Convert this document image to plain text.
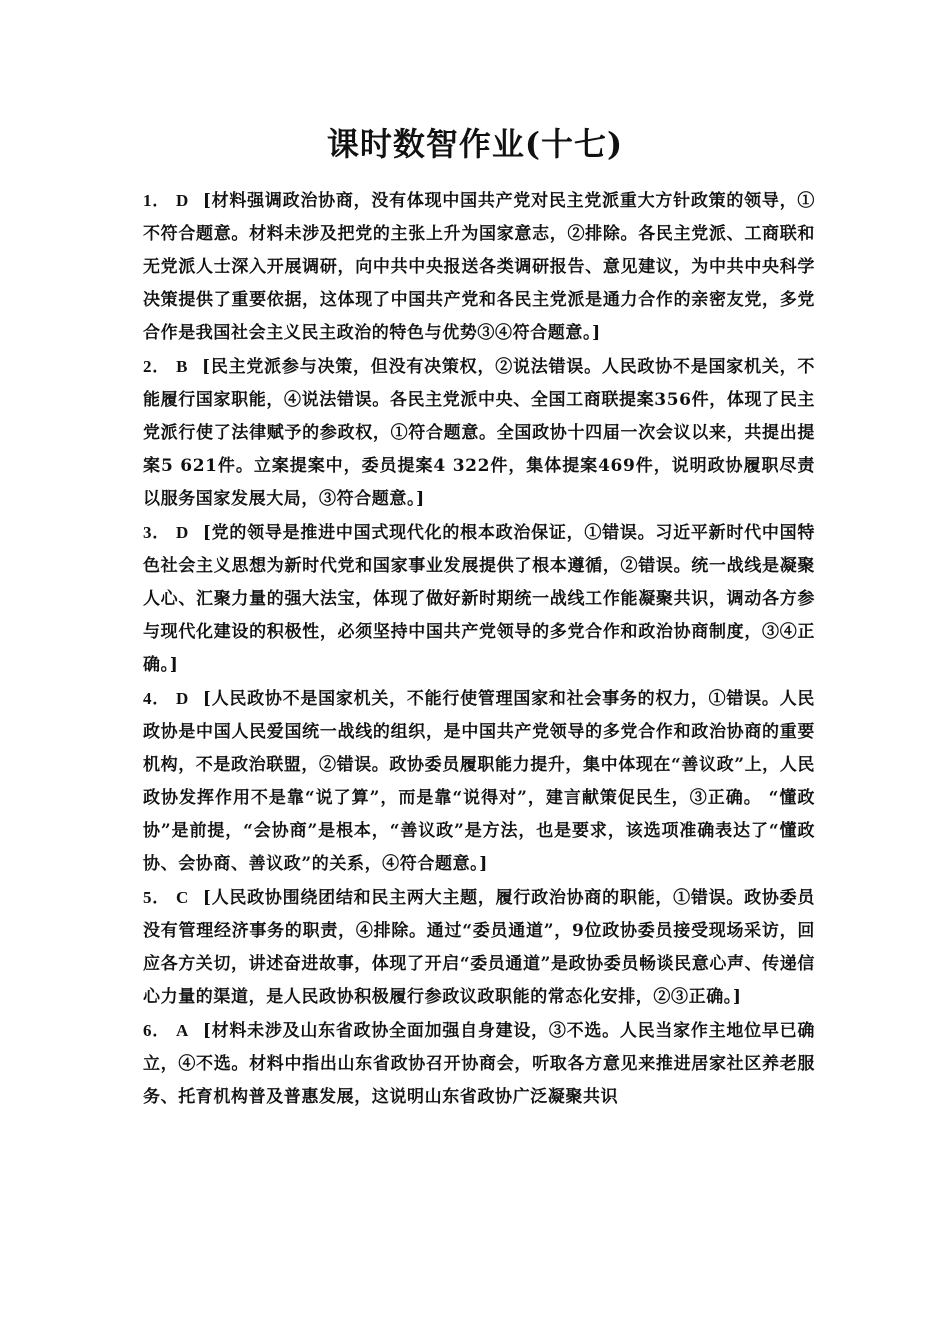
课时数智作业(十七)

1． D [材料强调政治协商，没有体现中国共产党对民主党派重大方针政策的领导，①不符合题意。材料未涉及把党的主张上升为国家意志，②排除。各民主党派、工商联和无党派人士深入开展调研，向中共中央报送各类调研报告、意见建议，为中共中央科学决策提供了重要依据，这体现了中国共产党和各民主党派是通力合作的亲密友党，多党合作是我国社会主义民主政治的特色与优势③④符合题意。]

2． B [民主党派参与决策，但没有决策权，②说法错误。人民政协不是国家机关，不能履行国家职能，④说法错误。各民主党派中央、全国工商联提案356件，体现了民主党派行使了法律赋予的参政权，①符合题意。全国政协十四届一次会议以来，共提出提案5 621件。立案提案中，委员提案4 322件，集体提案469件，说明政协履职尽责以服务国家发展大局，③符合题意。]

3． D [党的领导是推进中国式现代化的根本政治保证，①错误。习近平新时代中国特色社会主义思想为新时代党和国家事业发展提供了根本遵循，②错误。统一战线是凝聚人心、汇聚力量的强大法宝，体现了做好新时期统一战线工作能凝聚共识，调动各方参与现代化建设的积极性，必须坚持中国共产党领导的多党合作和政治协商制度，③④正确。]

4． D [人民政协不是国家机关，不能行使管理国家和社会事务的权力，①错误。人民政协是中国人民爱国统一战线的组织，是中国共产党领导的多党合作和政治协商的重要机构，不是政治联盟，②错误。政协委员履职能力提升，集中体现在“善议政”上，人民政协发挥作用不是靠“说了算”，而是靠“说得对”，建言献策促民生，③正确。 “懂政协”是前提，“会协商”是根本，“善议政”是方法，也是要求，该选项准确表达了“懂政协、会协商、善议政”的关系，④符合题意。]

5． C [人民政协围绕团结和民主两大主题，履行政治协商的职能，①错误。政协委员没有管理经济事务的职责，④排除。通过“委员通道”，9位政协委员接受现场采访，回应各方关切，讲述奋进故事，体现了开启“委员通道”是政协委员畅谈民意心声、传递信心力量的渠道，是人民政协积极履行参政议政职能的常态化安排，②③正确。]

6． A [材料未涉及山东省政协全面加强自身建设，③不选。人民当家作主地位早已确立，④不选。材料中指出山东省政协召开协商会，听取各方意见来推进居家社区养老服务、托育机构普及普惠发展，这说明山东省政协广泛凝聚共识
